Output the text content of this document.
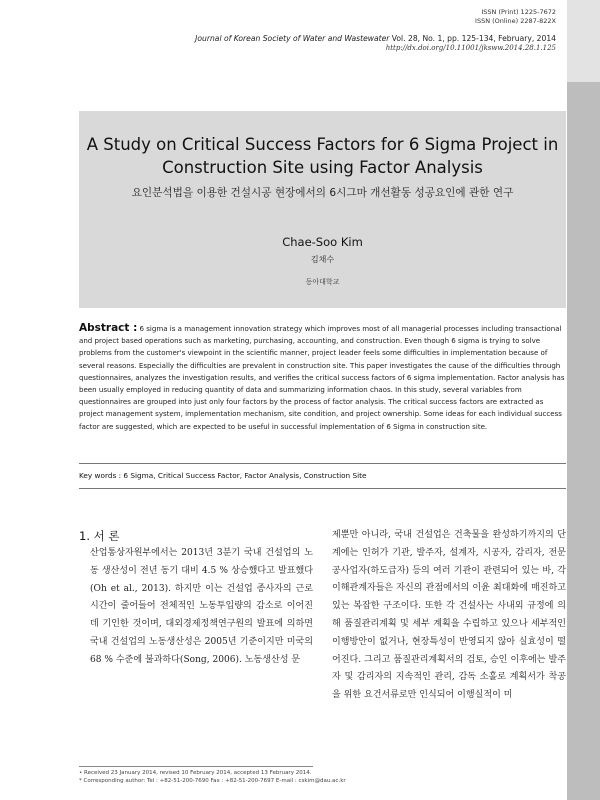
ISSN (Print) 1225-7672
ISSN (Online) 2287-822X
Journal of Korean Society of Water and Wastewater Vol. 28, No. 1, pp. 125-134, February, 2014
http://dx.doi.org/10.11001/jksww.2014.28.1.125
A Study on Critical Success Factors for 6 Sigma Project in
Construction Site using Factor Analysis
요인분석법을 이용한 건설시공 현장에서의 6시그마 개선활동 성공요인에 관한 연구
Chae-Soo Kim
김채수
동아대학교
Abstract : 6 sigma is a management innovation strategy which improves most of all managerial processes including transactional and project based operations such as marketing, purchasing, accounting, and construction. Even though 6 sigma is trying to solve problems from the customer's viewpoint in the scientific manner, project leader feels some difficulties in implementation because of several reasons. Especially the difficulties are prevalent in construction site. This paper investigates the cause of the difficulties through questionnaires, analyzes the investigation results, and verifies the critical success factors of 6 sigma implementation. Factor analysis has been usually employed in reducing quantity of data and summarizing information chaos. In this study, several variables from questionnaires are grouped into just only four factors by the process of factor analysis. The critical success factors are extracted as project management system, implementation mechanism, site condition, and project ownership. Some ideas for each individual success factor are suggested, which are expected to be useful in successful implementation of 6 Sigma in construction site.
Key words : 6 Sigma, Critical Success Factor, Factor Analysis, Construction Site
1. 서 론
산업통상자원부에서는 2013년 3분기 국내 건설업의 노동 생산성이 전년 동기 대비 4.5 % 상승했다고 발표했다(Oh et al., 2013). 하지만 이는 건설업 종사자의 근로시간이 줄어들어 전체적인 노동투입량의 감소로 이어진데 기인한 것이며, 대외경제정책연구원의 발표에 의하면 국내 건설업의 노동생산성은 2005년 기준이지만 미국의 68 % 수준에 불과하다(Song, 2006). 노동생산성 문
제뿐만 아니라, 국내 건설업은 건축물을 완성하기까지의 단계에는 인허가 기관, 발주자, 설계자, 시공자, 감리자, 전문공사업자(하도급자) 등의 여러 기관이 관련되어 있는 바, 각 이해관계자들은 자신의 관점에서의 이윤 최대화에 매진하고 있는 복잡한 구조이다. 또한 각 건설사는 사내외 규정에 의해 품질관리계획 및 세부 계획을 수립하고 있으나 세부적인 이행방안이 없거나, 현장특성이 반영되지 않아 실효성이 떨어진다. 그리고 품질관리계획서의 검토, 승인 이후에는 발주자 및 감리자의 지속적인 관리, 감독 소홀로 계획서가 착공을 위한 요건서류로만 인식되어 이행실적이 미
• Received 23 January 2014, revised 10 February 2014, accepted 13 February 2014.
* Corresponding author: Tel : +82-51-200-7690 Fax : +82-51-200-7697 E-mail : cskim@dau.ac.kr
